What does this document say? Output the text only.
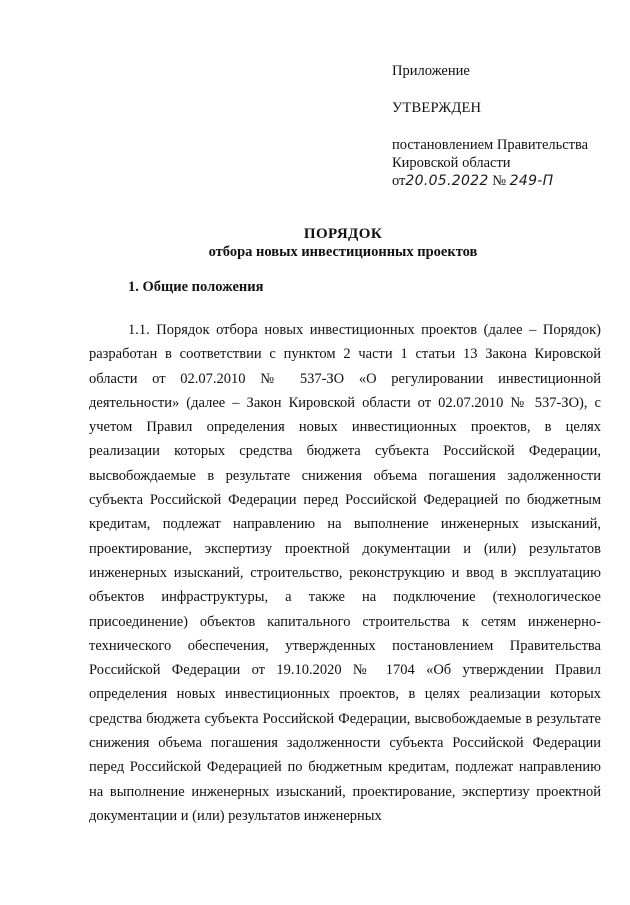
Приложение
УТВЕРЖДЕН
постановлением Правительства
Кировской области
от20.05.2022 № 249-П
ПОРЯДОК
отбора новых инвестиционных проектов
1. Общие положения

1.1. Порядок отбора новых инвестиционных проектов (далее – Порядок) разработан в соответствии с пунктом 2 части 1 статьи 13 Закона Кировской области от 02.07.2010 № 537-ЗО «О регулировании инвестиционной деятельности» (далее – Закон Кировской области от 02.07.2010 № 537-ЗО), с учетом Правил определения новых инвестиционных проектов, в целях реализации которых средства бюджета субъекта Российской Федерации, высвобождаемые в результате снижения объема погашения задолженности субъекта Российской Федерации перед Российской Федерацией по бюджетным кредитам, подлежат направлению на выполнение инженерных изысканий, проектирование, экспертизу проектной документации и (или) результатов инженерных изысканий, строительство, реконструкцию и ввод в эксплуатацию объектов инфраструктуры, а также на подключение (технологическое присоединение) объектов капитального строительства к сетям инженерно-технического обеспечения, утвержденных постановлением Правительства Российской Федерации от 19.10.2020 № 1704 «Об утверждении Правил определения новых инвестиционных проектов, в целях реализации которых средства бюджета субъекта Российской Федерации, высвобождаемые в результате снижения объема погашения задолженности субъекта Российской Федерации перед Российской Федерацией по бюджетным кредитам, подлежат направлению на выполнение инженерных изысканий, проектирование, экспертизу проектной документации и (или) результатов инженерных
